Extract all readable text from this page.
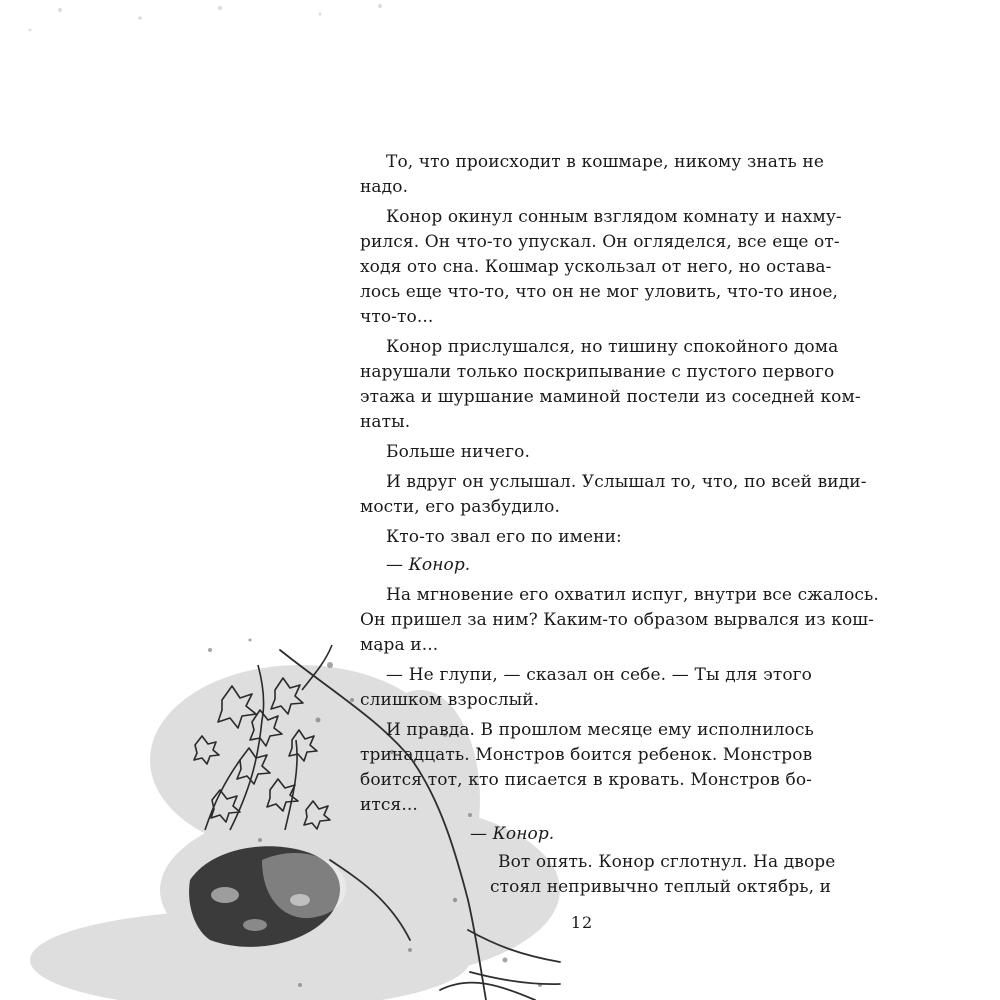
То, что происходит в кошмаре, никому знать не
надо.
Конор окинул сонным взглядом комнату и нахму-
рился. Он что-то упускал. Он огляделся, все еще от-
ходя ото сна. Кошмар ускользал от него, но остава-
лось еще что-то, что он не мог уловить, что-то иное,
что-то...
Конор прислушался, но тишину спокойного дома
нарушали только поскрипывание с пустого первого
этажа и шуршание маминой постели из соседней ком-
наты.
Больше ничего.
И вдруг он услышал. Услышал то, что, по всей види-
мости, его разбудило.
Кто-то звал его по имени:
— Конор.
На мгновение его охватил испуг, внутри все сжалось.
Он пришел за ним? Каким-то образом вырвался из кош-
мара и...
— Не глупи, — сказал он себе. — Ты для этого
слишком взрослый.
И правда. В прошлом месяце ему исполнилось
тринадцать. Монстров боится ребенок. Монстров
боится тот, кто писается в кровать. Монстров бо-
ится...
— Конор.
Вот опять. Конор сглотнул. На дворе
стоял непривычно теплый октябрь, и
12
